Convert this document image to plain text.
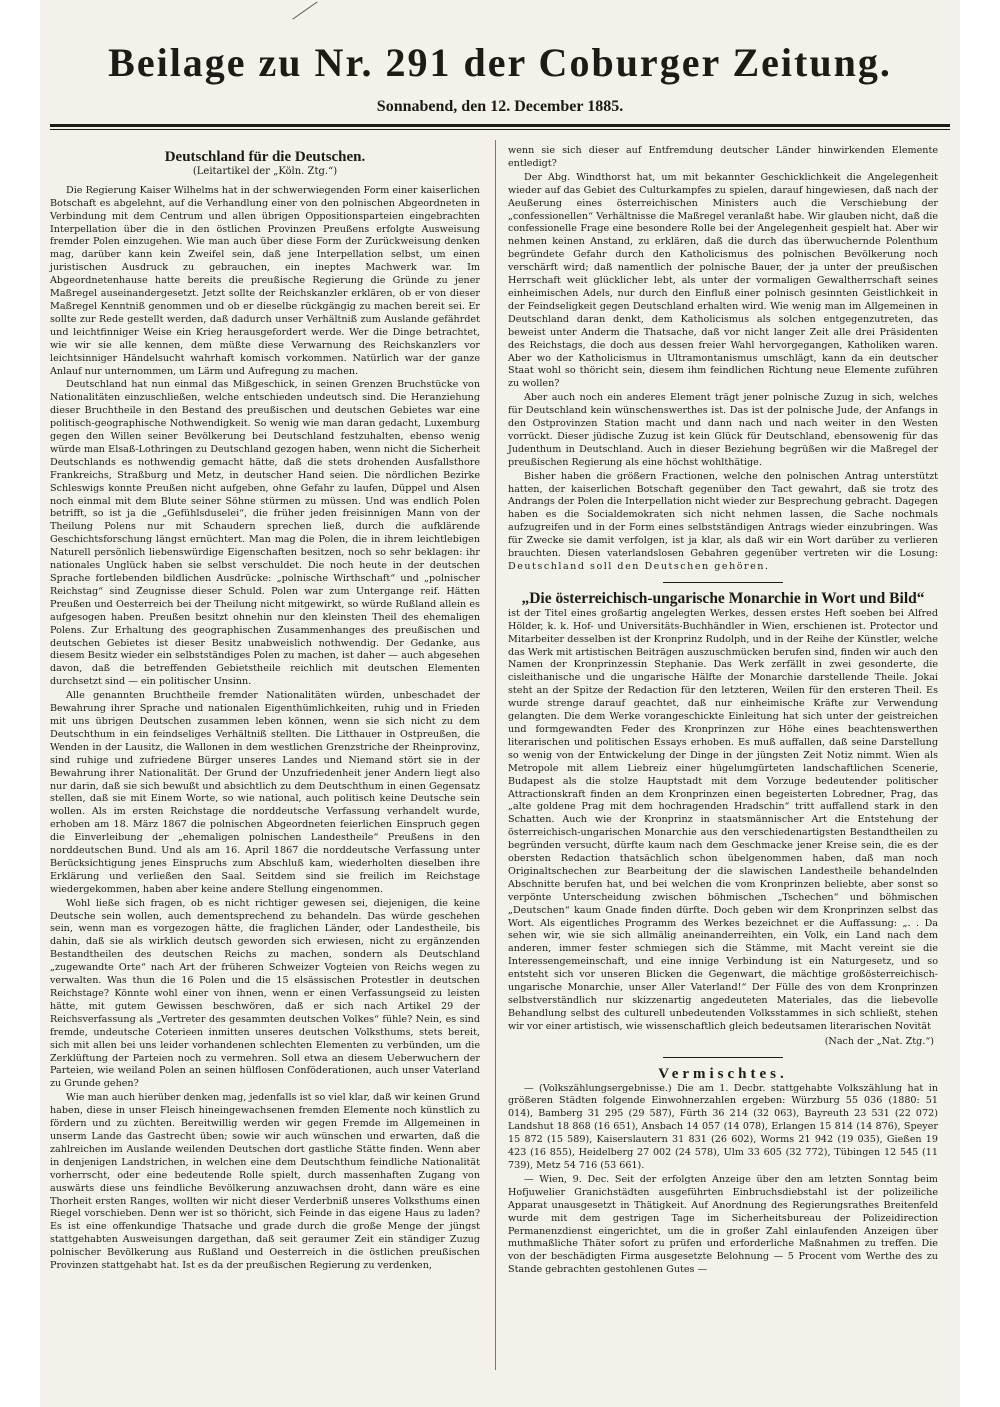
Beilage zu Nr. 291 der Coburger Zeitung.
Sonnabend, den 12. December 1885.
Deutschland für die Deutschen.
(Leitartikel der „Köln. Ztg.“)

Die Regierung Kaiser Wilhelms hat in der schwerwiegenden Form einer kaiserlichen Botschaft es abgelehnt, auf die Verhandlung einer von den polnischen Abgeordneten in Verbindung mit dem Centrum und allen übrigen Oppositionsparteien eingebrachten Interpellation über die in den östlichen Provinzen Preußens erfolgte Ausweisung fremder Polen einzugehen. Wie man auch über diese Form der Zurückweisung denken mag, darüber kann kein Zweifel sein, daß jene Interpellation selbst, um einen juristischen Ausdruck zu gebrauchen, ein ineptes Machwerk war. Im Abgeordnetenhause hatte bereits die preußische Regierung die Gründe zu jener Maßregel auseinandergesetzt. Jetzt sollte der Reichskanzler erklären, ob er von dieser Maßregel Kenntniß genommen und ob er dieselbe rückgängig zu machen bereit sei. Er sollte zur Rede gestellt werden, daß dadurch unser Verhältniß zum Auslande gefährdet und leichtfinniger Weise ein Krieg herausgefordert werde. Wer die Dinge betrachtet, wie wir sie alle kennen, dem müßte diese Verwarnung des Reichskanzlers vor leichtsinniger Händelsucht wahrhaft komisch vorkommen. Natürlich war der ganze Anlauf nur unternommen, um Lärm und Aufregung zu machen.

Deutschland hat nun einmal das Mißgeschick, in seinen Grenzen Bruchstücke von Nationalitäten einzuschließen, welche entschieden undeutsch sind. Die Heranziehung dieser Bruchtheile in den Bestand des preußischen und deutschen Gebietes war eine politisch-geographische Nothwendigkeit. So wenig wie man daran gedacht, Luxemburg gegen den Willen seiner Bevölkerung bei Deutschland festzuhalten, ebenso wenig würde man Elsaß-Lothringen zu Deutschland gezogen haben, wenn nicht die Sicherheit Deutschlands es nothwendig gemacht hätte, daß die stets drohenden Ausfallsthore Frankreichs, Straßburg und Metz, in deutscher Hand seien. Die nördlichen Bezirke Schleswigs konnte Preußen nicht aufgeben, ohne Gefahr zu laufen, Düppel und Alsen noch einmal mit dem Blute seiner Söhne stürmen zu müssen. Und was endlich Polen betrifft, so ist ja die „Gefühlsduselei“, die früher jeden freisinnigen Mann von der Theilung Polens nur mit Schaudern sprechen ließ, durch die aufklärende Geschichtsforschung längst ernüchtert. Man mag die Polen, die in ihrem leichtlebigen Naturell persönlich liebenswürdige Eigenschaften besitzen, noch so sehr beklagen: ihr nationales Unglück haben sie selbst verschuldet. Die noch heute in der deutschen Sprache fortlebenden bildlichen Ausdrücke: „polnische Wirthschaft“ und „polnischer Reichstag“ sind Zeugnisse dieser Schuld. Polen war zum Untergange reif. Hätten Preußen und Oesterreich bei der Theilung nicht mitgewirkt, so würde Rußland allein es aufgesogen haben. Preußen besitzt ohnehin nur den kleinsten Theil des ehemaligen Polens. Zur Erhaltung des geographischen Zusammenhanges des preußischen und deutschen Gebietes ist dieser Besitz unabweislich nothwendig. Der Gedanke, aus diesem Besitz wieder ein selbstständiges Polen zu machen, ist daher — auch abgesehen davon, daß die betreffenden Gebietstheile reichlich mit deutschen Elementen durchsetzt sind — ein politischer Unsinn.

Alle genannten Bruchtheile fremder Nationalitäten würden, unbeschadet der Bewahrung ihrer Sprache und nationalen Eigenthümlichkeiten, ruhig und in Frieden mit uns übrigen Deutschen zusammen leben können, wenn sie sich nicht zu dem Deutschthum in ein feindseliges Verhältniß stellten. Die Litthauer in Ostpreußen, die Wenden in der Lausitz, die Wallonen in dem westlichen Grenzstriche der Rheinprovinz, sind ruhige und zufriedene Bürger unseres Landes und Niemand stört sie in der Bewahrung ihrer Nationalität. Der Grund der Unzufriedenheit jener Andern liegt also nur darin, daß sie sich bewußt und absichtlich zu dem Deutschthum in einen Gegensatz stellen, daß sie mit Einem Worte, so wie national, auch politisch keine Deutsche sein wollen. Als im ersten Reichstage die norddeutsche Verfassung verhandelt wurde, erhoben am 18. März 1867 die polnischen Abgeordneten feierlichen Einspruch gegen die Einverleibung der „ehemaligen polnischen Landestheile“ Preußens in den norddeutschen Bund. Und als am 16. April 1867 die norddeutsche Verfassung unter Berücksichtigung jenes Einspruchs zum Abschluß kam, wiederholten dieselben ihre Erklärung und verließen den Saal. Seitdem sind sie freilich im Reichstage wiedergekommen, haben aber keine andere Stellung eingenommen.

Wohl ließe sich fragen, ob es nicht richtiger gewesen sei, diejenigen, die keine Deutsche sein wollen, auch dementsprechend zu behandeln. Das würde geschehen sein, wenn man es vorgezogen hätte, die fraglichen Länder, oder Landestheile, bis dahin, daß sie als wirklich deutsch geworden sich erwiesen, nicht zu ergänzenden Bestandtheilen des deutschen Reichs zu machen, sondern als Deutschland „zugewandte Orte“ nach Art der früheren Schweizer Vogteien von Reichs wegen zu verwalten. Was thun die 16 Polen und die 15 elsässischen Protestler in deutschen Reichstage? Könnte wohl einer von ihnen, wenn er einen Verfassungseid zu leisten hätte, mit gutem Gewissen beschwören, daß er sich nach Artikel 29 der Reichsverfassung als „Vertreter des gesammten deutschen Volkes“ fühle? Nein, es sind fremde, undeutsche Coterieen inmitten unseres deutschen Volksthums, stets bereit, sich mit allen bei uns leider vorhandenen schlechten Elementen zu verbünden, um die Zerklüftung der Parteien noch zu vermehren. Soll etwa an diesem Ueberwuchern der Parteien, wie weiland Polen an seinen hülflosen Conföderationen, auch unser Vaterland zu Grunde gehen?

Wie man auch hierüber denken mag, jedenfalls ist so viel klar, daß wir keinen Grund haben, diese in unser Fleisch hineingewachsenen fremden Elemente noch künstlich zu fördern und zu züchten. Bereitwillig werden wir gegen Fremde im Allgemeinen in unserm Lande das Gastrecht üben; sowie wir auch wünschen und erwarten, daß die zahlreichen im Auslande weilenden Deutschen dort gastliche Stätte finden. Wenn aber in denjenigen Landstrichen, in welchen eine dem Deutschthum feindliche Nationalität vorherrscht, oder eine bedeutende Rolle spielt, durch massenhaften Zugang von auswärts diese uns feindliche Bevölkerung anzuwachsen droht, dann wäre es eine Thorheit ersten Ranges, wollten wir nicht dieser Verderbniß unseres Volksthums einen Riegel vorschieben. Denn wer ist so thöricht, sich Feinde in das eigene Haus zu laden? Es ist eine offenkundige Thatsache und grade durch die große Menge der jüngst stattgehabten Ausweisungen dargethan, daß seit geraumer Zeit ein ständiger Zuzug polnischer Bevölkerung aus Rußland und Oesterreich in die östlichen preußischen Provinzen stattgehabt hat. Ist es da der preußischen Regierung zu verdenken,

wenn sie sich dieser auf Entfremdung deutscher Länder hinwirkenden Elemente entledigt?

Der Abg. Windthorst hat, um mit bekannter Geschicklichkeit die Angelegenheit wieder auf das Gebiet des Culturkampfes zu spielen, darauf hingewiesen, daß nach der Aeußerung eines österreichischen Ministers auch die Verschiebung der „confessionellen“ Verhältnisse die Maßregel veranlaßt habe. Wir glauben nicht, daß die confessionelle Frage eine besondere Rolle bei der Angelegenheit gespielt hat. Aber wir nehmen keinen Anstand, zu erklären, daß die durch das überwuchernde Polenthum begründete Gefahr durch den Katholicismus des polnischen Bevölkerung noch verschärft wird; daß namentlich der polnische Bauer, der ja unter der preußischen Herrschaft weit glücklicher lebt, als unter der vormaligen Gewaltherrschaft seines einheimischen Adels, nur durch den Einfluß einer polnisch gesinnten Geistlichkeit in der Feindseligkeit gegen Deutschland erhalten wird. Wie wenig man im Allgemeinen in Deutschland daran denkt, dem Katholicismus als solchen entgegenzutreten, das beweist unter Anderm die Thatsache, daß vor nicht langer Zeit alle drei Präsidenten des Reichstags, die doch aus dessen freier Wahl hervorgegangen, Katholiken waren. Aber wo der Katholicismus in Ultramontanismus umschlägt, kann da ein deutscher Staat wohl so thöricht sein, diesem ihm feindlichen Richtung neue Elemente zuführen zu wollen?

Aber auch noch ein anderes Element trägt jener polnische Zuzug in sich, welches für Deutschland kein wünschenswerthes ist. Das ist der polnische Jude, der Anfangs in den Ostprovinzen Station macht und dann nach und nach weiter in den Westen vorrückt. Dieser jüdische Zuzug ist kein Glück für Deutschland, ebensowenig für das Judenthum in Deutschland. Auch in dieser Beziehung begrüßen wir die Maßregel der preußischen Regierung als eine höchst wohlthätige.

Bisher haben die größern Fractionen, welche den polnischen Antrag unterstützt hatten, der kaiserlichen Botschaft gegenüber den Tact gewahrt, daß sie trotz des Andrangs der Polen die Interpellation nicht wieder zur Besprechung gebracht. Dagegen haben es die Socialdemokraten sich nicht nehmen lassen, die Sache nochmals aufzugreifen und in der Form eines selbstständigen Antrags wieder einzubringen. Was für Zwecke sie damit verfolgen, ist ja klar, als daß wir ein Wort darüber zu verlieren brauchten. Diesen vaterlandslosen Gebahren gegenüber vertreten wir die Losung: Deutschland soll den Deutschen gehören.

„Die österreichisch-ungarische Monarchie in Wort und Bild“

ist der Titel eines großartig angelegten Werkes, dessen erstes Heft soeben bei Alfred Hölder, k. k. Hof- und Universitäts-Buchhändler in Wien, erschienen ist. Protector und Mitarbeiter desselben ist der Kronprinz Rudolph, und in der Reihe der Künstler, welche das Werk mit artistischen Beiträgen auszuschmücken berufen sind, finden wir auch den Namen der Kronprinzessin Stephanie. Das Werk zerfällt in zwei gesonderte, die cisleithanische und die ungarische Hälfte der Monarchie darstellende Theile. Jokai steht an der Spitze der Redaction für den letzteren, Weilen für den ersteren Theil. Es wurde strenge darauf geachtet, daß nur einheimische Kräfte zur Verwendung gelangten. Die dem Werke vorangeschickte Einleitung hat sich unter der geistreichen und formgewandten Feder des Kronprinzen zur Höhe eines beachtenswerthen literarischen und politischen Essays erhoben. Es muß auffallen, daß seine Darstellung so wenig von der Entwickelung der Dinge in der jüngsten Zeit Notiz nimmt. Wien als Metropole mit allem Liebreiz einer hügelumgürteten landschaftlichen Scenerie, Budapest als die stolze Hauptstadt mit dem Vorzuge bedeutender politischer Attractionskraft finden an dem Kronprinzen einen begeisterten Lobredner, Prag, das „alte goldene Prag mit dem hochragenden Hradschin“ tritt auffallend stark in den Schatten. Auch wie der Kronprinz in staatsmännischer Art die Entstehung der österreichisch-ungarischen Monarchie aus den verschiedenartigsten Bestandtheilen zu begründen versucht, dürfte kaum nach dem Geschmacke jener Kreise sein, die es der obersten Redaction thatsächlich schon übelgenommen haben, daß man noch Originaltschechen zur Bearbeitung der die slawischen Landestheile behandelnden Abschnitte berufen hat, und bei welchen die vom Kronprinzen beliebte, aber sonst so verpönte Unterscheidung zwischen böhmischen „Tschechen“ und böhmischen „Deutschen“ kaum Gnade finden dürfte. Doch geben wir dem Kronprinzen selbst das Wort. Als eigentliches Programm des Werkes bezeichnet er die Auffassung: „. . Da sehen wir, wie sie sich allmälig aneinanderreihten, ein Volk, ein Land nach dem anderen, immer fester schmiegen sich die Stämme, mit Macht vereint sie die Interessengemeinschaft, und eine innige Verbindung ist ein Naturgesetz, und so entsteht sich vor unseren Blicken die Gegenwart, die mächtige großösterreichisch-ungarische Monarchie, unser Aller Vaterland!“ Der Fülle des von dem Kronprinzen selbstverständlich nur skizzenartig angedeuteten Materiales, das die liebevolle Behandlung selbst des culturell unbedeutenden Volksstammes in sich schließt, stehen wir vor einer artistisch, wie wissenschaftlich gleich bedeutsamen literarischen Novität

(Nach der „Nat. Ztg.“)
Vermischtes.

— (Volkszählungsergebnisse.) Die am 1. Decbr. stattgehabte Volkszählung hat in größeren Städten folgende Einwohnerzahlen ergeben: Würzburg 55 036 (1880: 51 014), Bamberg 31 295 (29 587), Fürth 36 214 (32 063), Bayreuth 23 531 (22 072) Landshut 18 868 (16 651), Ansbach 14 057 (14 078), Erlangen 15 814 (14 876), Speyer 15 872 (15 589), Kaiserslautern 31 831 (26 602), Worms 21 942 (19 035), Gießen 19 423 (16 855), Heidelberg 27 002 (24 578), Ulm 33 605 (32 772), Tübingen 12 545 (11 739), Metz 54 716 (53 661).

— Wien, 9. Dec. Seit der erfolgten Anzeige über den am letzten Sonntag beim Hofjuwelier Granichstädten ausgeführten Einbruchsdiebstahl ist der polizeiliche Apparat unausgesetzt in Thätigkeit. Auf Anordnung des Regierungsrathes Breitenfeld wurde mit dem gestrigen Tage im Sicherheitsbureau der Polizeidirection Permanenzdienst eingerichtet, um die in großer Zahl einlaufenden Anzeigen über muthmaßliche Thäter sofort zu prüfen und erforderliche Maßnahmen zu treffen. Die von der beschädigten Firma ausgesetzte Belohnung — 5 Procent vom Werthe des zu Stande gebrachten gestohlenen Gutes —
